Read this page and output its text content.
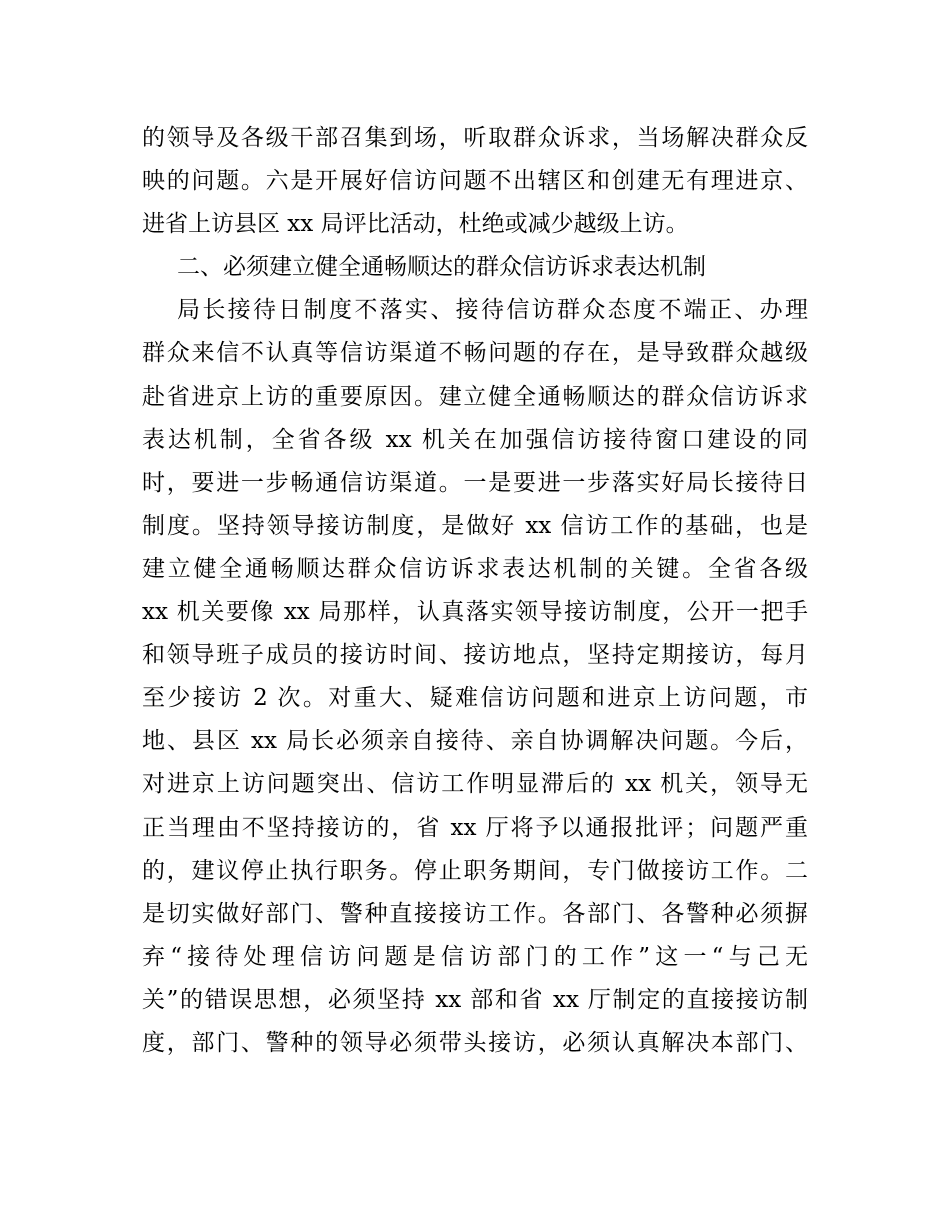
的领导及各级干部召集到场，听取群众诉求，当场解决群众反
映的问题。六是开展好信访问题不出辖区和创建无有理进京、
进省上访县区 xx 局评比活动，杜绝或减少越级上访。
二、必须建立健全通畅顺达的群众信访诉求表达机制
局长接待日制度不落实、接待信访群众态度不端正、办理
群众来信不认真等信访渠道不畅问题的存在，是导致群众越级
赴省进京上访的重要原因。建立健全通畅顺达的群众信访诉求
表达机制，全省各级 xx 机关在加强信访接待窗口建设的同
时，要进一步畅通信访渠道。一是要进一步落实好局长接待日
制度。坚持领导接访制度，是做好 xx 信访工作的基础，也是
建立健全通畅顺达群众信访诉求表达机制的关键。全省各级
xx 机关要像 xx 局那样，认真落实领导接访制度，公开一把手
和领导班子成员的接访时间、接访地点，坚持定期接访，每月
至少接访 2 次。对重大、疑难信访问题和进京上访问题，市
地、县区 xx 局长必须亲自接待、亲自协调解决问题。今后，
对进京上访问题突出、信访工作明显滞后的 xx 机关，领导无
正当理由不坚持接访的，省 xx 厅将予以通报批评；问题严重
的，建议停止执行职务。停止职务期间，专门做接访工作。二
是切实做好部门、警种直接接访工作。各部门、各警种必须摒
弃“接待处理信访问题是信访部门的工作”这一“与己无
关”的错误思想，必须坚持 xx 部和省 xx 厅制定的直接接访制
度，部门、警种的领导必须带头接访，必须认真解决本部门、
